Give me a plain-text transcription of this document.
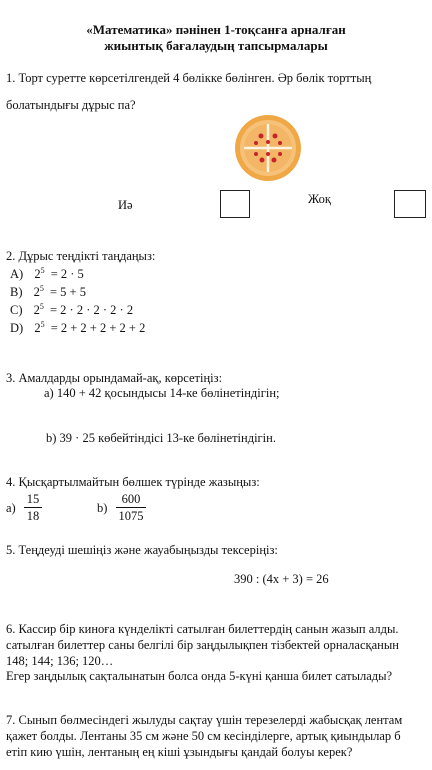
«Математика» пәнінен 1-тоқсанға арналған
жиынтық бағалаудың тапсырмалары
1. Торт суретте көрсетілгендей 4 бөлікке бөлінген. Әр бөлік торттың
болатындығы дұрыс па?
Иә	Жоқ
2. Дұрыс теңдікті таңдаңыз:
A) $2^5 = 2 \cdot 5$
B) $2^5 = 5 + 5$
C) $2^5 = 2 \cdot 2 \cdot 2 \cdot 2 \cdot 2$
D) $2^5 = 2 + 2 + 2 + 2 + 2$
3. Амалдарды орындамай-ақ, көрсетіңіз:
а) 140 + 42 қосындысы 14-ке бөлінетіндігін;
b) 39 · 25 көбейтіндісі 13-ке бөлінетіндігін.
4. Қысқартылмайтын бөлшек түрінде жазыңыз:
a)
15
18
b)
600
1075
5. Теңдеуді шешіңіз және жауабыңызды тексеріңіз:
390 : (4x + 3) = 26
6. Кассир бір киноға күнделікті сатылған билеттердің санын жазып алды.
сатылған билеттер саны белгілі бір заңдылықпен тізбектей орналасқанын
148; 144; 136; 120…
Егер заңдылық сақталынатын болса онда 5-күні қанша билет сатылады?
7. Сынып бөлмесіндегі жылуды сақтау үшін терезелерді жабысқақ лентам
қажет болды. Лентаны 35 см және 50 см кесінділерге, артық қиындылар б
етіп кию үшін, лентаның ең кіші ұзындығы қандай болуы керек?
